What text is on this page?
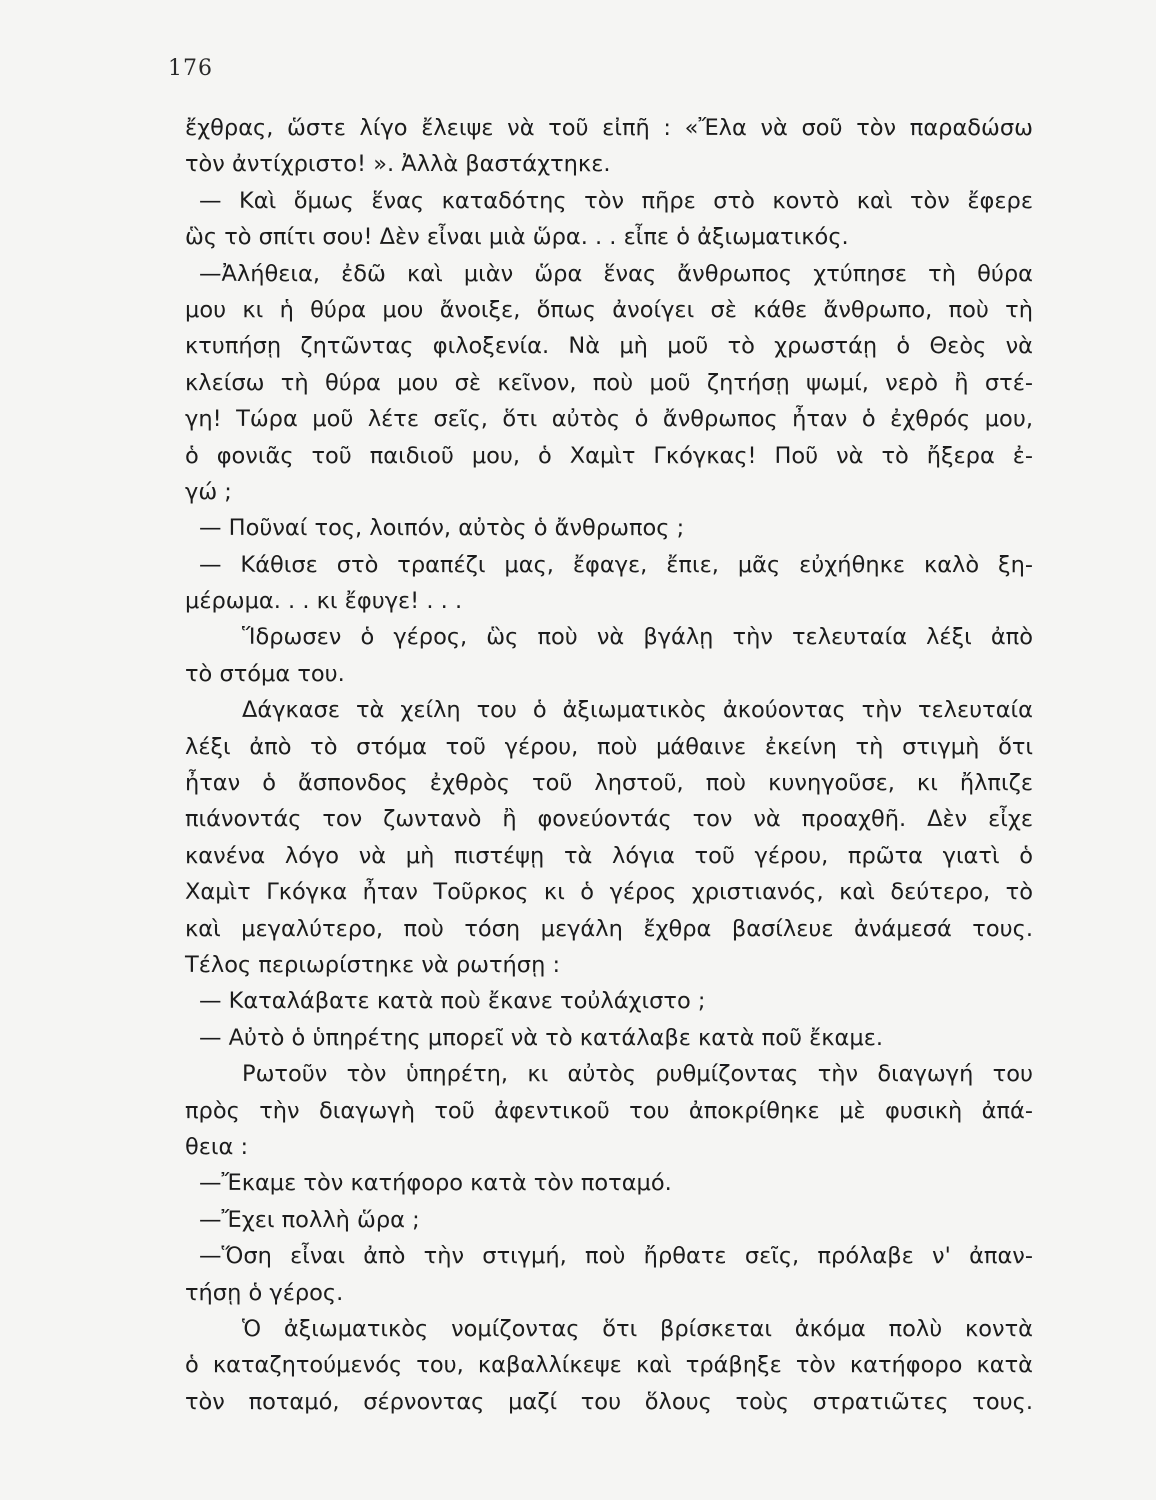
176
ἔχθρας, ὥστε λίγο ἔλειψε νὰ τοῦ εἰπῆ : «Ἔλα νὰ σοῦ τὸν παραδώσω
τὸν ἀντίχριστο! ». Ἀλλὰ βαστάχτηκε.
— Καὶ ὅμως ἕνας καταδότης τὸν πῆρε στὸ κοντὸ καὶ τὸν ἔφερε
ὣς τὸ σπίτι σου! Δὲν εἶναι μιὰ ὥρα. . . εἶπε ὁ ἀξιωματικός.
—Ἀλήθεια, ἐδῶ καὶ μιὰν ὥρα ἕνας ἄνθρωπος χτύπησε τὴ θύρα
μου κι ἡ θύρα μου ἄνοιξε, ὅπως ἀνοίγει σὲ κάθε ἄνθρωπο, ποὺ τὴ
κτυπήσῃ ζητῶντας φιλοξενία. Νὰ μὴ μοῦ τὸ χρωστάῃ ὁ Θεὸς νὰ
κλείσω τὴ θύρα μου σὲ κεῖνον, ποὺ μοῦ ζητήσῃ ψωμί, νερὸ ἢ στέ-
γη! Τώρα μοῦ λέτε σεῖς, ὅτι αὐτὸς ὁ ἄνθρωπος ἦταν ὁ ἐχθρός μου,
ὁ φονιᾶς τοῦ παιδιοῦ μου, ὁ Χαμὶτ Γκόγκας! Ποῦ νὰ τὸ ἤξερα ἐ-
γώ ;
— Ποῦναί τος, λοιπόν, αὐτὸς ὁ ἄνθρωπος ;
— Κάθισε στὸ τραπέζι μας, ἔφαγε, ἔπιε, μᾶς εὐχήθηκε καλὸ ξη-
μέρωμα. . . κι ἔφυγε! . . .
Ἵδρωσεν ὁ γέρος, ὣς ποὺ νὰ βγάλῃ τὴν τελευταία λέξι ἀπὸ
τὸ στόμα του.
Δάγκασε τὰ χείλη του ὁ ἀξιωματικὸς ἀκούοντας τὴν τελευταία
λέξι ἀπὸ τὸ στόμα τοῦ γέρου, ποὺ μάθαινε ἐκείνη τὴ στιγμὴ ὅτι
ἦταν ὁ ἄσπονδος ἐχθρὸς τοῦ ληστοῦ, ποὺ κυνηγοῦσε, κι ἤλπιζε
πιάνοντάς τον ζωντανὸ ἢ φονεύοντάς τον νὰ προαχθῆ. Δὲν εἶχε
κανένα λόγο νὰ μὴ πιστέψῃ τὰ λόγια τοῦ γέρου, πρῶτα γιατὶ ὁ
Χαμὶτ Γκόγκα ἦταν Τοῦρκος κι ὁ γέρος χριστιανός, καὶ δεύτερο, τὸ
καὶ μεγαλύτερο, ποὺ τόση μεγάλη ἔχθρα βασίλευε ἀνάμεσά τους.
Τέλος περιωρίστηκε νὰ ρωτήσῃ :
— Καταλάβατε κατὰ ποὺ ἔκανε τοὐλάχιστο ;
— Αὐτὸ ὁ ὑπηρέτης μπορεῖ νὰ τὸ κατάλαβε κατὰ ποῦ ἔκαμε.
Ρωτοῦν τὸν ὑπηρέτη, κι αὐτὸς ρυθμίζοντας τὴν διαγωγή του
πρὸς τὴν διαγωγὴ τοῦ ἀφεντικοῦ του ἀποκρίθηκε μὲ φυσικὴ ἀπά-
θεια :
—Ἔκαμε τὸν κατήφορο κατὰ τὸν ποταμό.
—Ἔχει πολλὴ ὥρα ;
—Ὅση εἶναι ἀπὸ τὴν στιγμή, ποὺ ἤρθατε σεῖς, πρόλαβε ν' ἀπαν-
τήσῃ ὁ γέρος.
Ὁ ἀξιωματικὸς νομίζοντας ὅτι βρίσκεται ἀκόμα πολὺ κοντὰ
ὁ καταζητούμενός του, καβαλλίκεψε καὶ τράβηξε τὸν κατήφορο κατὰ
τὸν ποταμό, σέρνοντας μαζί του ὅλους τοὺς στρατιῶτες τους.
